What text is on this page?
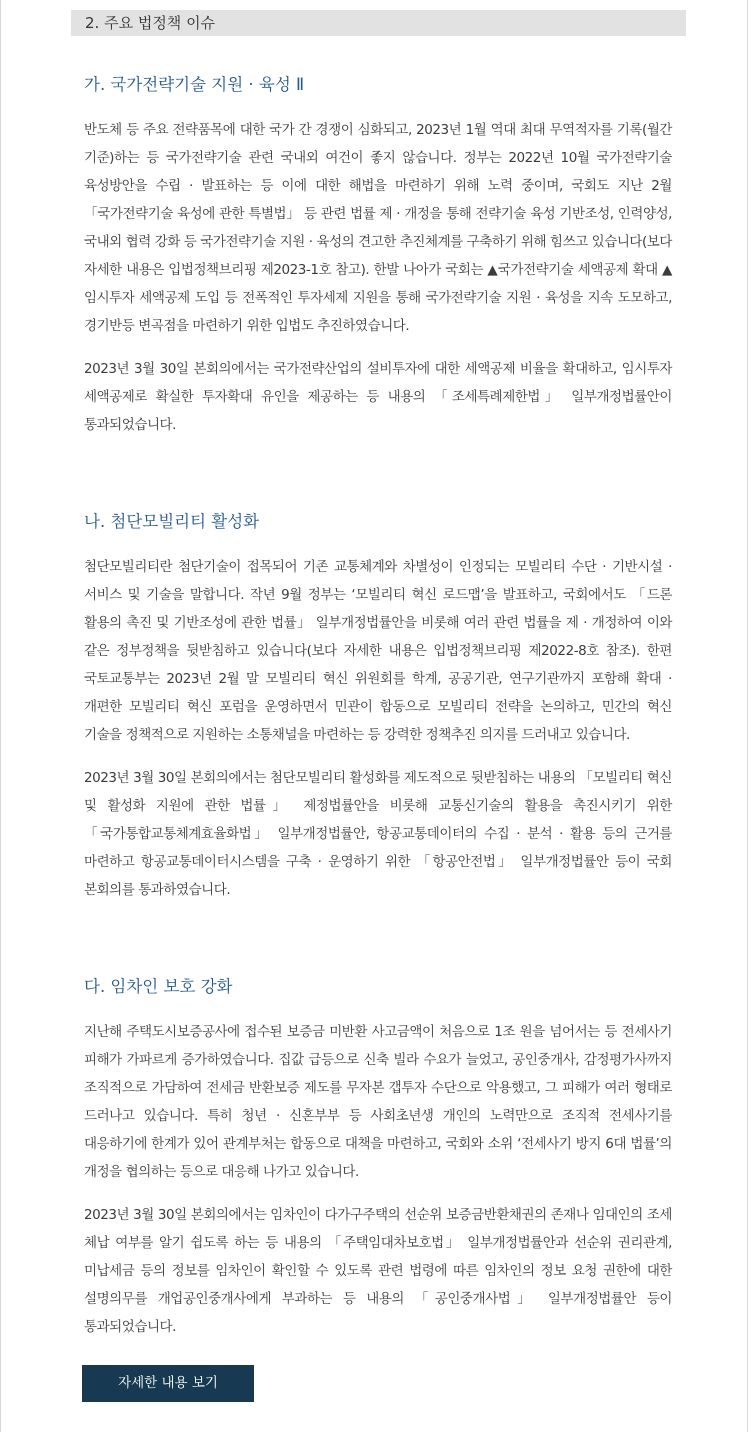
2. 주요 법정책 이슈
가. 국가전략기술 지원 · 육성 Ⅱ

반도체 등 주요 전략품목에 대한 국가 간 경쟁이 심화되고, 2023년 1월 역대 최대 무역적자를 기록(월간 기준)하는 등 국가전략기술 관련 국내외 여건이 좋지 않습니다. 정부는 2022년 10월 국가전략기술 육성방안을 수립 · 발표하는 등 이에 대한 해법을 마련하기 위해 노력 중이며, 국회도 지난 2월 「국가전략기술 육성에 관한 특별법」 등 관련 법률 제 · 개정을 통해 전략기술 육성 기반조성, 인력양성, 국내외 협력 강화 등 국가전략기술 지원 · 육성의 견고한 추진체계를 구축하기 위해 힘쓰고 있습니다(보다 자세한 내용은 입법정책브리핑 제2023-1호 참고). 한발 나아가 국회는 ▲국가전략기술 세액공제 확대 ▲임시투자 세액공제 도입 등 전폭적인 투자세제 지원을 통해 국가전략기술 지원 · 육성을 지속 도모하고, 경기반등 변곡점을 마련하기 위한 입법도 추진하였습니다.

2023년 3월 30일 본회의에서는 국가전략산업의 설비투자에 대한 세액공제 비율을 확대하고, 임시투자 세액공제로 확실한 투자확대 유인을 제공하는 등 내용의 「조세특례제한법」 일부개정법률안이 통과되었습니다.

나. 첨단모빌리티 활성화

첨단모빌리티란 첨단기술이 접목되어 기존 교통체계와 차별성이 인정되는 모빌리티 수단 · 기반시설 · 서비스 및 기술을 말합니다. 작년 9월 정부는 ‘모빌리티 혁신 로드맵’을 발표하고, 국회에서도 「드론 활용의 촉진 및 기반조성에 관한 법률」 일부개정법률안을 비롯해 여러 관련 법률을 제 · 개정하여 이와 같은 정부정책을 뒷받침하고 있습니다(보다 자세한 내용은 입법정책브리핑 제2022-8호 참조). 한편 국토교통부는 2023년 2월 말 모빌리티 혁신 위원회를 학계, 공공기관, 연구기관까지 포함해 확대 · 개편한 모빌리티 혁신 포럼을 운영하면서 민관이 합동으로 모빌리티 전략을 논의하고, 민간의 혁신 기술을 정책적으로 지원하는 소통채널을 마련하는 등 강력한 정책추진 의지를 드러내고 있습니다.

2023년 3월 30일 본회의에서는 첨단모빌리티 활성화를 제도적으로 뒷받침하는 내용의 「모빌리티 혁신 및 활성화 지원에 관한 법률」 제정법률안을 비롯해 교통신기술의 활용을 촉진시키기 위한 「국가통합교통체계효율화법」 일부개정법률안, 항공교통데이터의 수집 · 분석 · 활용 등의 근거를 마련하고 항공교통데이터시스템을 구축 · 운영하기 위한 「항공안전법」 일부개정법률안 등이 국회 본회의를 통과하였습니다.

다. 임차인 보호 강화

지난해 주택도시보증공사에 접수된 보증금 미반환 사고금액이 처음으로 1조 원을 넘어서는 등 전세사기 피해가 가파르게 증가하였습니다. 집값 급등으로 신축 빌라 수요가 늘었고, 공인중개사, 감정평가사까지 조직적으로 가담하여 전세금 반환보증 제도를 무자본 갭투자 수단으로 악용했고, 그 피해가 여러 형태로 드러나고 있습니다. 특히 청년 · 신혼부부 등 사회초년생 개인의 노력만으로 조직적 전세사기를 대응하기에 한계가 있어 관계부처는 합동으로 대책을 마련하고, 국회와 소위 ‘전세사기 방지 6대 법률’의 개정을 협의하는 등으로 대응해 나가고 있습니다.

2023년 3월 30일 본회의에서는 임차인이 다가구주택의 선순위 보증금반환채권의 존재나 임대인의 조세 체납 여부를 알기 쉽도록 하는 등 내용의 「주택임대차보호법」 일부개정법률안과 선순위 권리관계, 미납세금 등의 정보를 임차인이 확인할 수 있도록 관련 법령에 따른 임차인의 정보 요청 권한에 대한 설명의무를 개업공인중개사에게 부과하는 등 내용의 「공인중개사법」 일부개정법률안 등이 통과되었습니다.

자세한 내용 보기
